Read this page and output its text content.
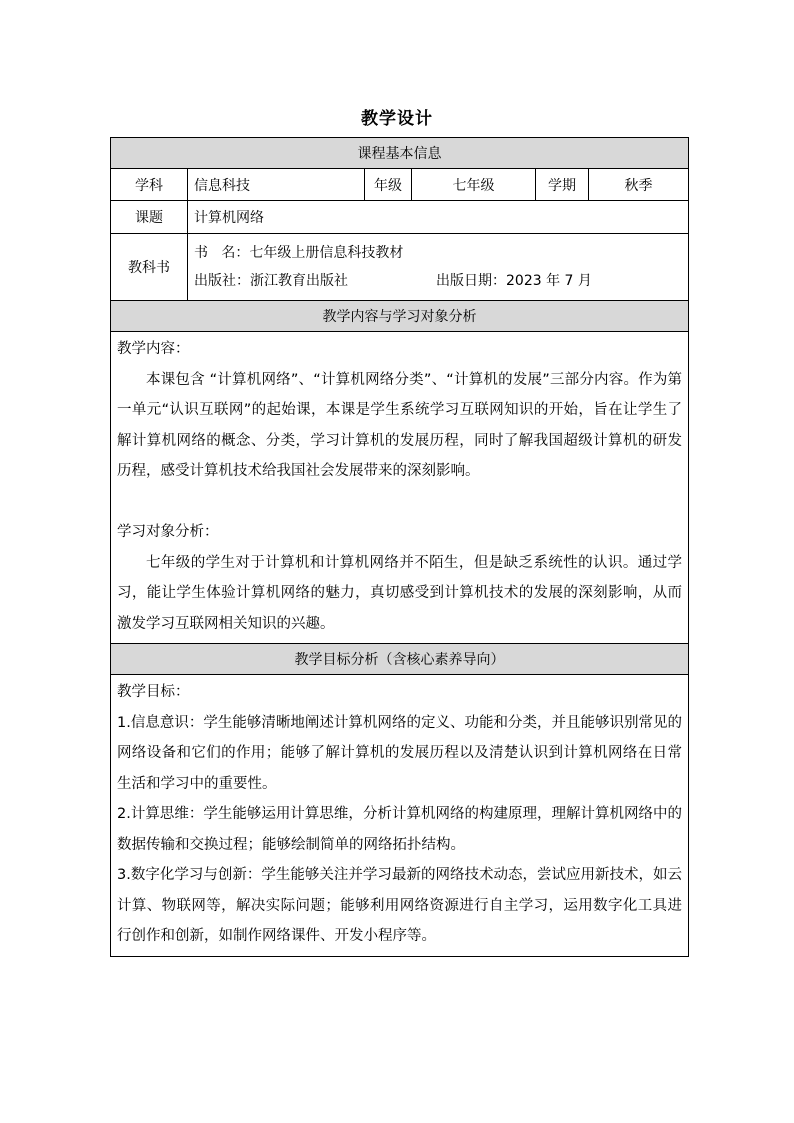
教学设计
课程基本信息					
学科	信息科技	年级	七年级	学期	秋季
课题	计算机网络				
教科书	书   名：七年级上册信息科技教材
出版社：浙江教育出版社 出版日期：2023 年 7 月				

教学内容与学习对象分析					

教学内容：
本课包含 “计算机网络”、“计算机网络分类”、“计算机的发展”三部分内容。作为第一单元“认识互联网”的起始课，本课是学生系统学习互联网知识的开始，旨在让学生了解计算机网络的概念、分类，学习计算机的发展历程，同时了解我国超级计算机的研发历程，感受计算机技术给我国社会发展带来的深刻影响。
学习对象分析：
七年级的学生对于计算机和计算机网络并不陌生，但是缺乏系统性的认识。通过学习，能让学生体验计算机网络的魅力，真切感受到计算机技术的发展的深刻影响，从而激发学习互联网相关知识的兴趣。					

教学目标分析（含核心素养导向）					

教学目标：
1.信息意识：学生能够清晰地阐述计算机网络的定义、功能和分类，并且能够识别常见的网络设备和它们的作用；能够了解计算机的发展历程以及清楚认识到计算机网络在日常生活和学习中的重要性。
2.计算思维：学生能够运用计算思维，分析计算机网络的构建原理，理解计算机网络中的数据传输和交换过程；能够绘制简单的网络拓扑结构。
3.数字化学习与创新：学生能够关注并学习最新的网络技术动态，尝试应用新技术，如云计算、物联网等，解决实际问题；能够利用网络资源进行自主学习，运用数字化工具进行创作和创新，如制作网络课件、开发小程序等。					
